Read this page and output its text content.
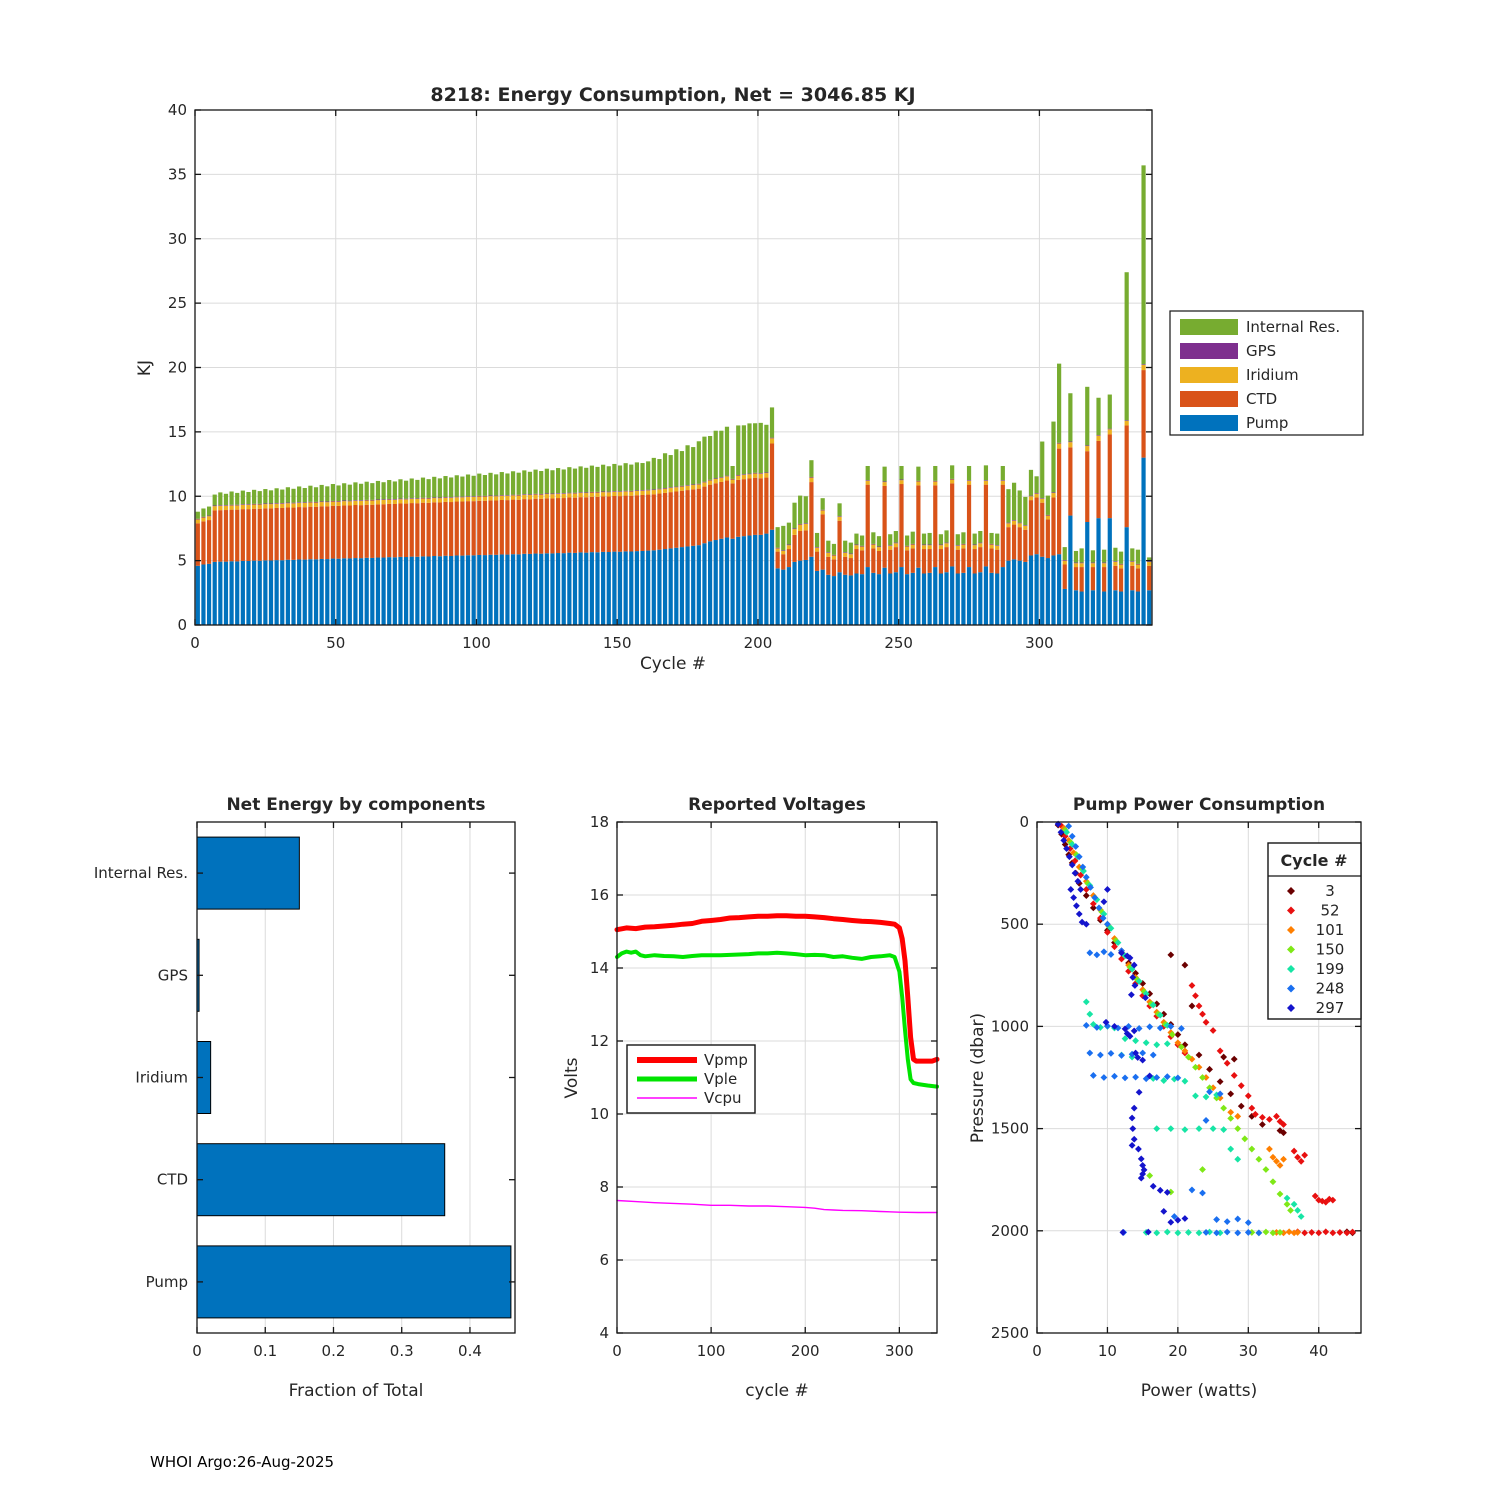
0	50	100	150	200	250	300
0
5
10
15
20
25
30
35
40
8218: Energy Consumption, Net = 3046.85 KJ
KJ
Cycle #
Internal Res.
GPS
Iridium
CTD
Pump
0	0.1	0.2	0.3	0.4
Net Energy by components
Fraction of Total
Internal Res.
GPS
Iridium
CTD
Pump
0	100	200	300
4
6
8
10
12
14
16
18
Reported Voltages
Volts
cycle #
Vpmp
Vple
Vcpu
0	10	20	30	40
0
500
1000
1500
2000
2500
Pump Power Consumption
Pressure (dbar)
Power (watts)
Cycle #
3
52
101
150
199
248
297
WHOI Argo:26-Aug-2025
